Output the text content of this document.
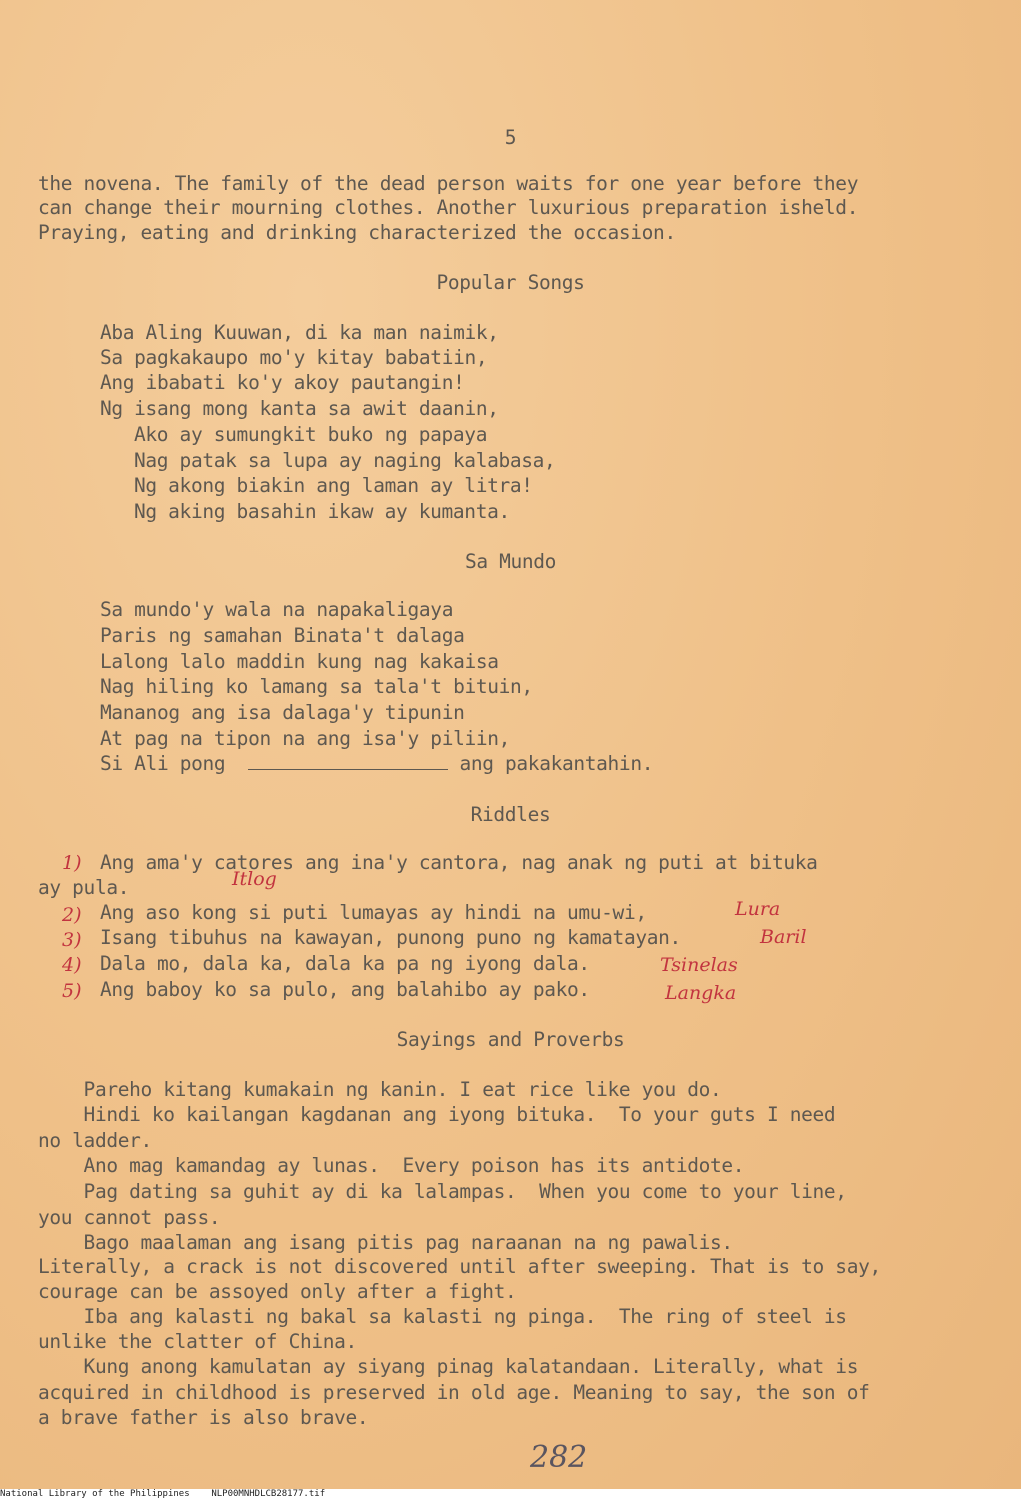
5
the novena. The family of the dead person waits for one year before they
can change their mourning clothes. Another luxurious preparation isheld.
Praying, eating and drinking characterized the occasion.
Popular Songs
Aba Aling Kuuwan, di ka man naimik,
Sa pagkakaupo mo'y kitay babatiin,
Ang ibabati ko'y akoy pautangin!
Ng isang mong kanta sa awit daanin,
Ako ay sumungkit buko ng papaya
Nag patak sa lupa ay naging kalabasa,
Ng akong biakin ang laman ay litra!
Ng aking basahin ikaw ay kumanta.
Sa Mundo
Sa mundo'y wala na napakaligaya
Paris ng samahan Binata't dalaga
Lalong lalo maddin kung nag kakaisa
Nag hiling ko lamang sa tala't bituin,
Mananog ang isa dalaga'y tipunin
At pag na tipon na ang isa'y piliin,
Si Ali pong	ang pakakantahin.
Riddles
1) Ang ama'y catores ang ina'y cantora, nag anak ng puti at bituka
ay pula.	Itlog
2) Ang aso kong si puti lumayas ay hindi na umu-wi,	Lura
3) Isang tibuhus na kawayan, punong puno ng kamatayan.	Baril
4) Dala mo, dala ka, dala ka pa ng iyong dala.	Tsinelas
5) Ang baboy ko sa pulo, ang balahibo ay pako.	Langka
Sayings and Proverbs
Pareho kitang kumakain ng kanin. I eat rice like you do.
Hindi ko kailangan kagdanan ang iyong bituka.  To your guts I need
no ladder.
Ano mag kamandag ay lunas.  Every poison has its antidote.
Pag dating sa guhit ay di ka lalampas.  When you come to your line,
you cannot pass.
Bago maalaman ang isang pitis pag naraanan na ng pawalis.
Literally, a crack is not discovered until after sweeping. That is to say,
courage can be assoyed only after a fight.
Iba ang kalasti ng bakal sa kalasti ng pinga.  The ring of steel is
unlike the clatter of China.
Kung anong kamulatan ay siyang pinag kalatandaan. Literally, what is
acquired in childhood is preserved in old age. Meaning to say, the son of
a brave father is also brave.
282
National Library of the Philippines    NLP00MNHDLCB28177.tif
